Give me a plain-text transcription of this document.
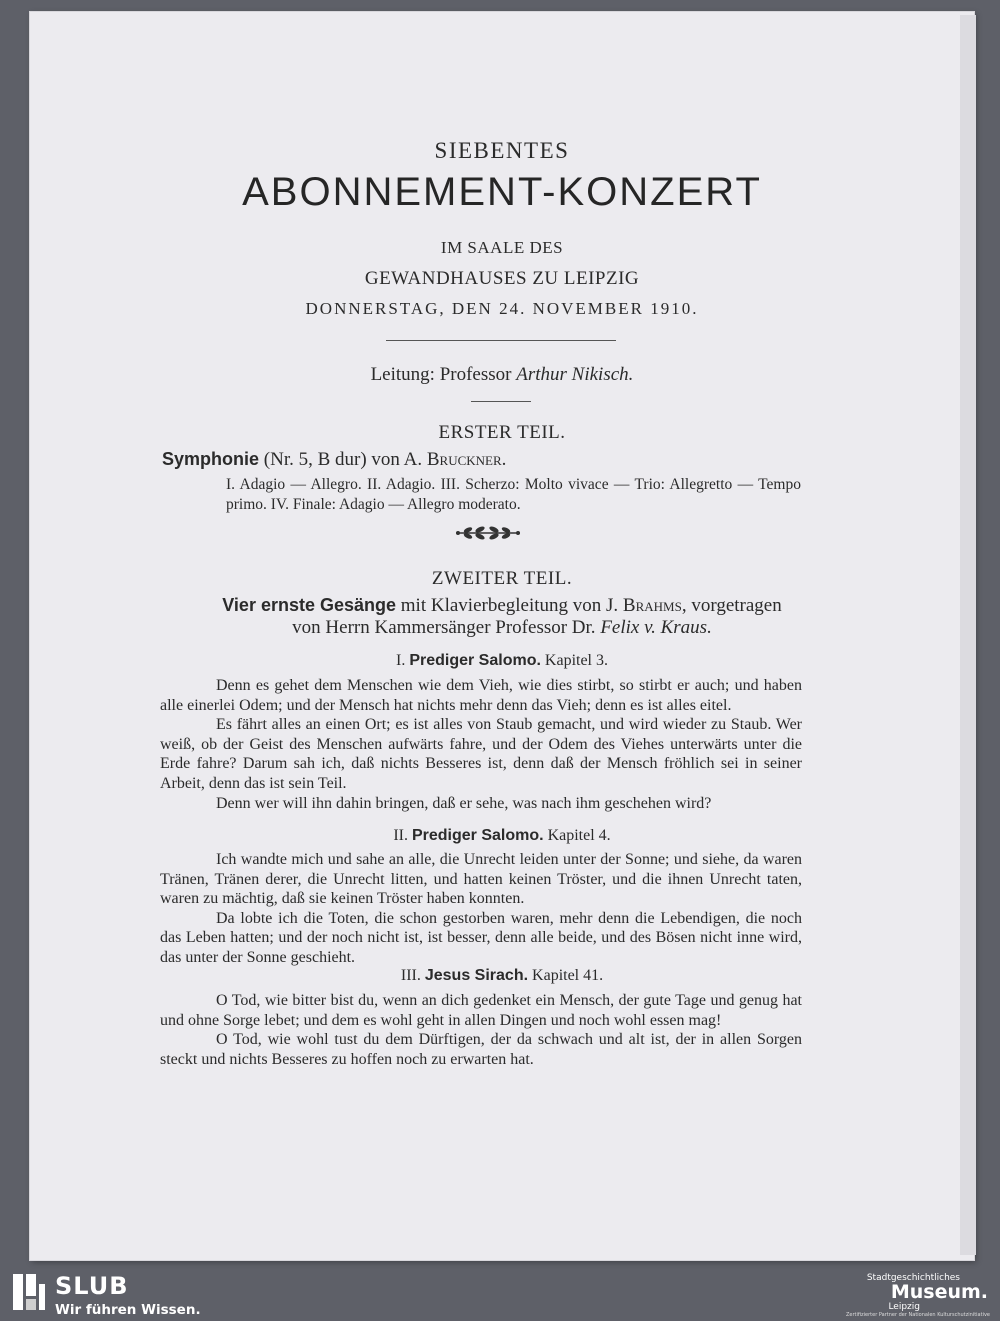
SIEBENTES
ABONNEMENT-KONZERT
IM SAALE DES
GEWANDHAUSES ZU LEIPZIG
DONNERSTAG, DEN 24. NOVEMBER 1910.
Leitung: Professor Arthur Nikisch.
ERSTER TEIL.
Symphonie (Nr. 5, B dur) von A. Bruckner.
I. Adagio — Allegro. II. Adagio. III. Scherzo: Molto vivace — Trio: Allegretto — Tempo primo. IV. Finale: Adagio — Allegro moderato.
ZWEITER TEIL.
Vier ernste Gesänge mit Klavierbegleitung von J. Brahms, vorgetragen
von Herrn Kammersänger Professor Dr. Felix v. Kraus.
I. Prediger Salomo. Kapitel 3.

Denn es gehet dem Menschen wie dem Vieh, wie dies stirbt, so stirbt er auch; und haben alle einerlei Odem; und der Mensch hat nichts mehr denn das Vieh; denn es ist alles eitel.

Es fährt alles an einen Ort; es ist alles von Staub gemacht, und wird wieder zu Staub. Wer weiß, ob der Geist des Menschen aufwärts fahre, und der Odem des Viehes unterwärts unter die Erde fahre? Darum sah ich, daß nichts Besseres ist, denn daß der Mensch fröhlich sei in seiner Arbeit, denn das ist sein Teil.

Denn wer will ihn dahin bringen, daß er sehe, was nach ihm geschehen wird?

II. Prediger Salomo. Kapitel 4.

Ich wandte mich und sahe an alle, die Unrecht leiden unter der Sonne; und siehe, da waren Tränen, Tränen derer, die Unrecht litten, und hatten keinen Tröster, und die ihnen Unrecht taten, waren zu mächtig, daß sie keinen Tröster haben konnten.

Da lobte ich die Toten, die schon gestorben waren, mehr denn die Lebendigen, die noch das Leben hatten; und der noch nicht ist, ist besser, denn alle beide, und des Bösen nicht inne wird, das unter der Sonne geschieht.

III. Jesus Sirach. Kapitel 41.

O Tod, wie bitter bist du, wenn an dich gedenket ein Mensch, der gute Tage und genug hat und ohne Sorge lebet; und dem es wohl geht in allen Dingen und noch wohl essen mag!

O Tod, wie wohl tust du dem Dürftigen, der da schwach und alt ist, der in allen Sorgen steckt und nichts Besseres zu hoffen noch zu erwarten hat.

SLUB
Wir führen Wissen.
Stadtgeschichtliches
Museum.
Leipzig
Zertifizierter Partner der Nationalen Kulturschutzinitiative
